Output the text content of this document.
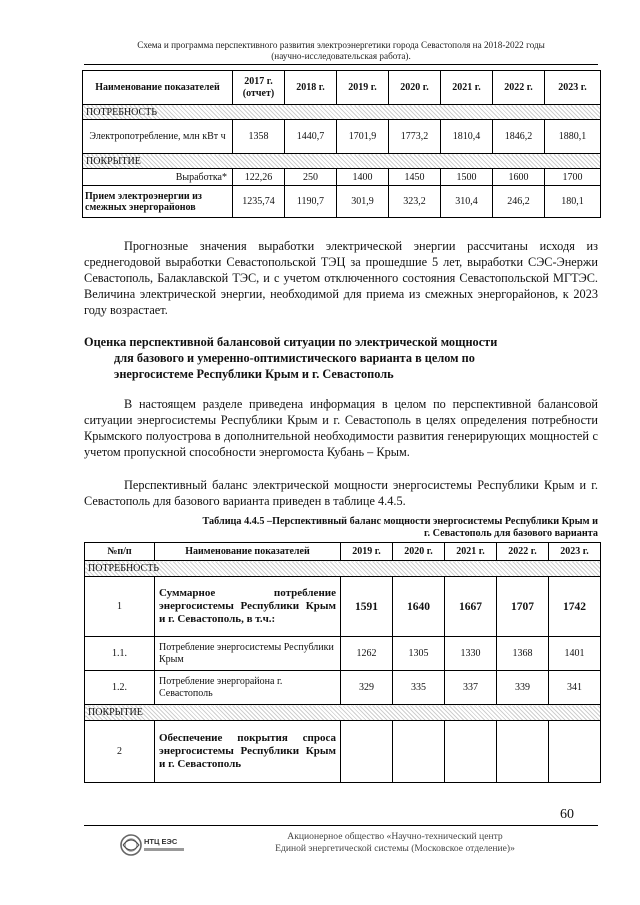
Схема и программа перспективного развития электроэнергетики города Севастополя на 2018-2022 годы
(научно-исследовательская работа).
Наименование показателей	2017 г. (отчет)	2018 г.	2019 г.	2020 г.	2021 г.	2022 г.	2023 г.
ПОТРЕБНОСТЬ							
Электропотребление, млн кВт ч	1358	1440,7	1701,9	1773,2	1810,4	1846,2	1880,1
ПОКРЫТИЕ							
Выработка*	122,26	250	1400	1450	1500	1600	1700
Прием электроэнергии из смежных энергорайонов	1235,74	1190,7	301,9	323,2	310,4	246,2	180,1

Прогнозные значения выработки электрической энергии рассчитаны исходя из среднегодовой выработки Севастопольской ТЭЦ за прошедшие 5 лет, выработки СЭС-Энержи Севастополь, Балаклавской ТЭС, и с учетом отключенного состояния Севастопольской МГТЭС. Величина электрической энергии, необходимой для приема из смежных энергорайонов, к 2023 году возрастает.

Оценка перспективной балансовой ситуации по электрической мощности
для базового и умеренно-оптимистического варианта в целом по
энергосистеме Республики Крым и г. Севастополь

В настоящем разделе приведена информация в целом по перспективной балансовой ситуации энергосистемы Республики Крым и г. Севастополь в целях определения потребности Крымского полуострова в дополнительной необходимости развития генерирующих мощностей с учетом пропускной способности энергомоста Кубань – Крым.

Перспективный баланс электрической мощности энергосистемы Республики Крым и г. Севастополь для базового варианта приведен в таблице 4.4.5.

Таблица 4.4.5 –Перспективный баланс мощности энергосистемы Республики Крым и
г. Севастополь для базового варианта
№п/п	Наименование показателей	2019 г.	2020 г.	2021 г.	2022 г.	2023 г.
ПОТРЕБНОСТЬ						
1	Суммарное потребление энергосистемы Республики Крым и г. Севастополь, в т.ч.:	1591	1640	1667	1707	1742
1.1.	Потребление энергосистемы Республики Крым	1262	1305	1330	1368	1401
1.2.	Потребление энергорайона г. Севастополь	329	335	337	339	341
ПОКРЫТИЕ						
2	Обеспечение покрытия спроса энергосистемы Республики Крым и г. Севастополь					
60
НТЦ ЕЭС	Акционерное общество «Научно-технический центр
Единой энергетической системы (Московское отделение)»
